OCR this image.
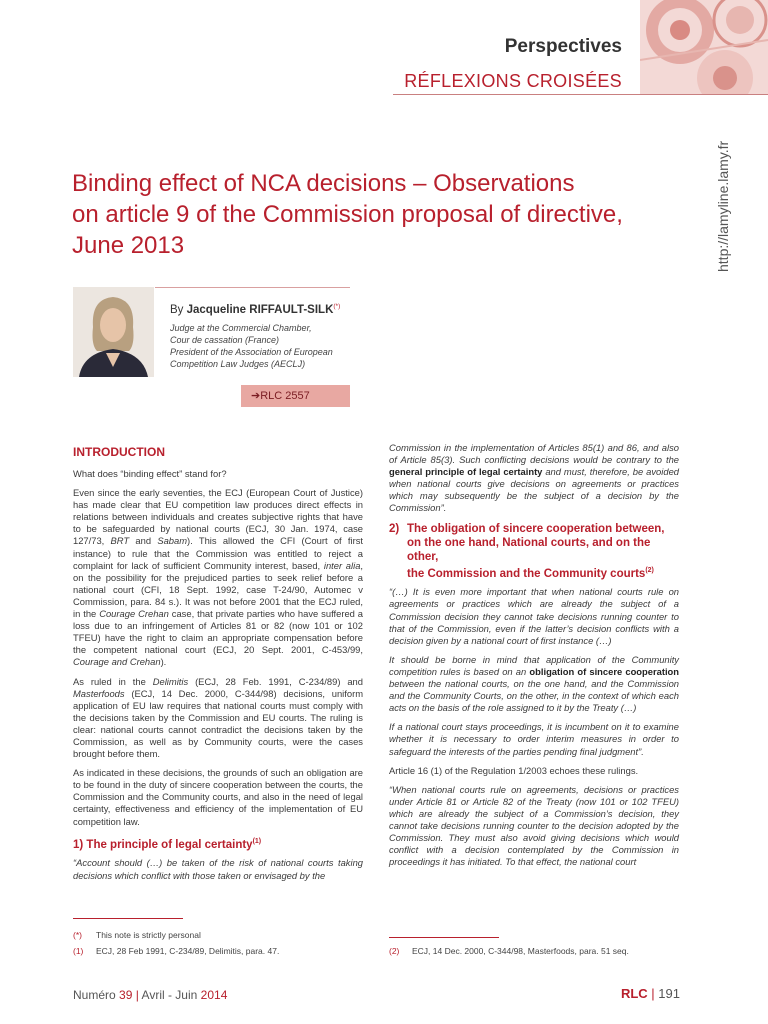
Perspectives
RÉFLEXIONS CROISÉES
http://lamyline.lamy.fr
Binding effect of NCA decisions – Observations
on article 9 of the Commission proposal of directive,
June 2013
By Jacqueline RIFFAULT-SILK(*)
Judge at the Commercial Chamber,
Cour de cassation (France)
President of the Association of European
Competition Law Judges (AECLJ)
➔RLC 2557
INTRODUCTION

What does “binding effect” stand for?

Even since the early seventies, the ECJ (European Court of Justice) has made clear that EU competition law produces direct effects in relations between individuals and creates subjective rights that have to be safeguarded by national courts (ECJ, 30 Jan. 1974, case 127/73, BRT and Sabam). This allowed the CFI (Court of first instance) to rule that the Commission was entitled to reject a complaint for lack of sufficient Community interest, based, inter alia, on the possibility for the prejudiced parties to seek relief before a national court (CFI, 18 Sept. 1992, case T-24/90, Automec v Commission, para. 84 s.). It was not before 2001 that the ECJ ruled, in the Courage Crehan case, that private parties who have suffered a loss due to an infringement of Articles 81 or 82 (now 101 or 102 TFEU) have the right to claim an appropriate compensation before the competent national court (ECJ, 20 Sept. 2001, C-453/99, Courage and Crehan).

As ruled in the Delimitis (ECJ, 28 Feb. 1991, C-234/89) and Masterfoods (ECJ, 14 Dec. 2000, C-344/98) decisions, uniform application of EU law requires that national courts must comply with the decisions taken by the Commission and EU courts. The ruling is clear: national courts cannot contradict the decisions taken by the Commission, as well as by Community courts, were the cases brought before them.

As indicated in these decisions, the grounds of such an obligation are to be found in the duty of sincere cooperation between the courts, the Commission and the Community courts, and also in the need of legal certainty, effectiveness and efficiency of the implementation of EU competition law.

1) The principle of legal certainty$^{(1)}$

“Account should (…) be taken of the risk of national courts taking decisions which conflict with those taken or envisaged by the

Commission in the implementation of Articles 85(1) and 86, and also of Article 85(3). Such conflicting decisions would be contrary to the general principle of legal certainty and must, therefore, be avoided when national courts give decisions on agreements or practices which may subsequently be the subject of a decision by the Commission”.

2) The obligation of sincere cooperation between,
on the one hand, National courts, and on the other,
the Commission and the Community courts$^{(2)}$

“(…) It is even more important that when national courts rule on agreements or practices which are already the subject of a Commission decision they cannot take decisions running counter to that of the Commission, even if the latter’s decision conflicts with a decision given by a national court of first instance (…)

It should be borne in mind that application of the Community competition rules is based on an obligation of sincere cooperation between the national courts, on the one hand, and the Commission and the Community Courts, on the other, in the context of which each acts on the basis of the role assigned to it by the Treaty (…)

If a national court stays proceedings, it is incumbent on it to examine whether it is necessary to order interim measures in order to safeguard the interests of the parties pending final judgment”.

Article 16 (1) of the Regulation 1/2003 echoes these rulings.

“When national courts rule on agreements, decisions or practices under Article 81 or Article 82 of the Treaty (now 101 or 102 TFEU) which are already the subject of a Commission’s decision, they cannot take decisions running counter to the decision adopted by the Commission. They must also avoid giving decisions which would conflict with a decision contemplated by the Commission in proceedings it has initiated. To that effect, the national court

(*) This note is strictly personal
(1) ECJ, 28 Feb 1991, C-234/89, Delimitis, para. 47.	(2) ECJ, 14 Dec. 2000, C-344/98, Masterfoods, para. 51 seq.
Numéro 39 | Avril - Juin 2014	RLC | 191
